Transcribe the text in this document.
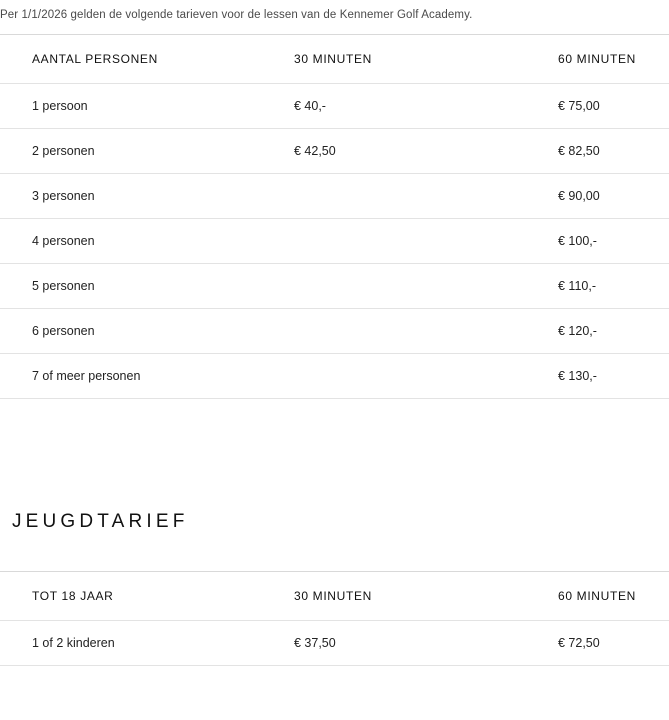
Per 1/1/2026 gelden de volgende tarieven voor de lessen van de Kennemer Golf Academy.
AANTAL PERSONEN	30 MINUTEN	60 MINUTEN

1 persoon	€ 40,-	€ 75,00

2 personen	€ 42,50	€ 82,50

3 personen		€ 90,00

4 personen		€ 100,-

5 personen		€ 110,-

6 personen		€ 120,-

7 of meer personen		€ 130,-
JEUGDTARIEF
TOT 18 JAAR	30 MINUTEN	60 MINUTEN

1 of 2 kinderen	€ 37,50	€ 72,50
